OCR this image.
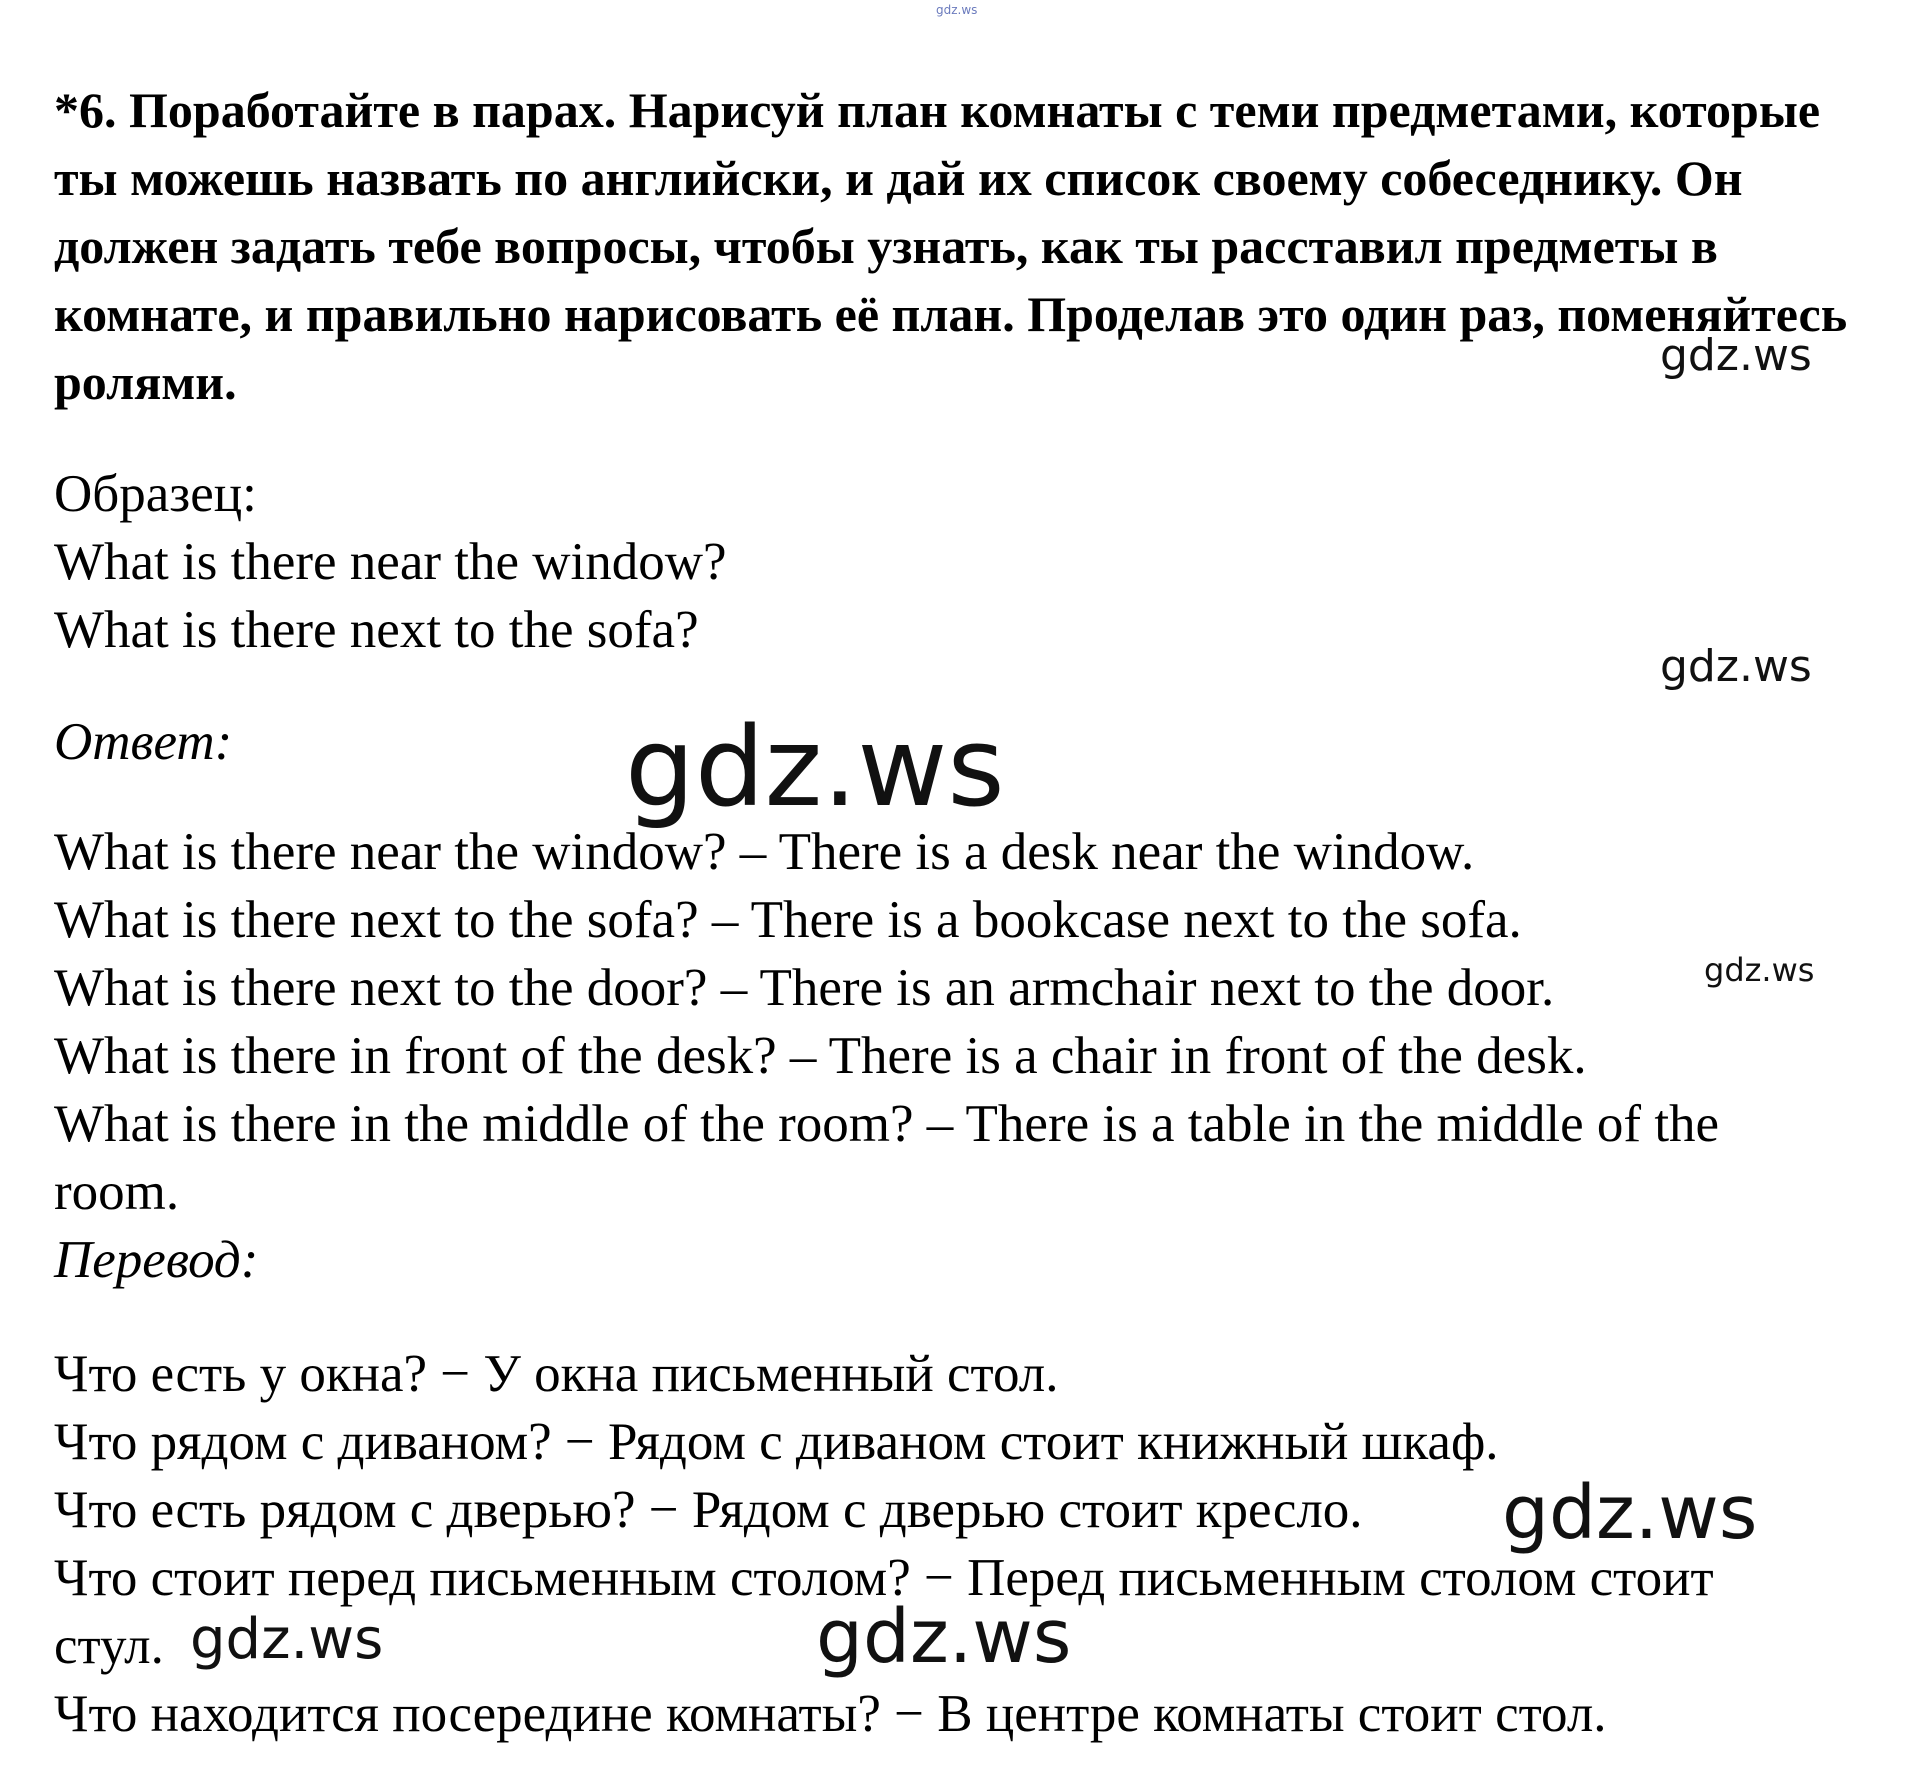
gdz.ws

*6. Поработайте в парах. Нарисуй план комнаты с теми предметами, которые ты можешь назвать по английски, и дай их список своему собеседнику. Он должен задать тебе вопросы, чтобы узнать, как ты расставил предметы в комнате, и правильно нарисовать её план. Проделав это один раз, поменяйтесь ролями.	gdz.ws
Образец:
What is there near the window?
What is there next to the sofa?
gdz.ws
Ответ:	gdz.ws
What is there near the window? – There is a desk near the window.
What is there next to the sofa? – There is a bookcase next to the sofa.
What is there next to the door? – There is an armchair next to the door.	gdz.ws
What is there in front of the desk? – There is a chair in front of the desk.
What is there in the middle of the room? – There is a table in the middle of the
room.
Перевод:
Что есть у окна? − У окна письменный стол.
Что рядом с диваном? − Рядом с диваном стоит книжный шкаф.
Что есть рядом с дверью? − Рядом с дверью стоит кресло. gdz.ws
Что стоит перед письменным столом? − Перед письменным столом стоит
стул. gdz.ws	gdz.ws
Что находится посередине комнаты? − В центре комнаты стоит стол.
